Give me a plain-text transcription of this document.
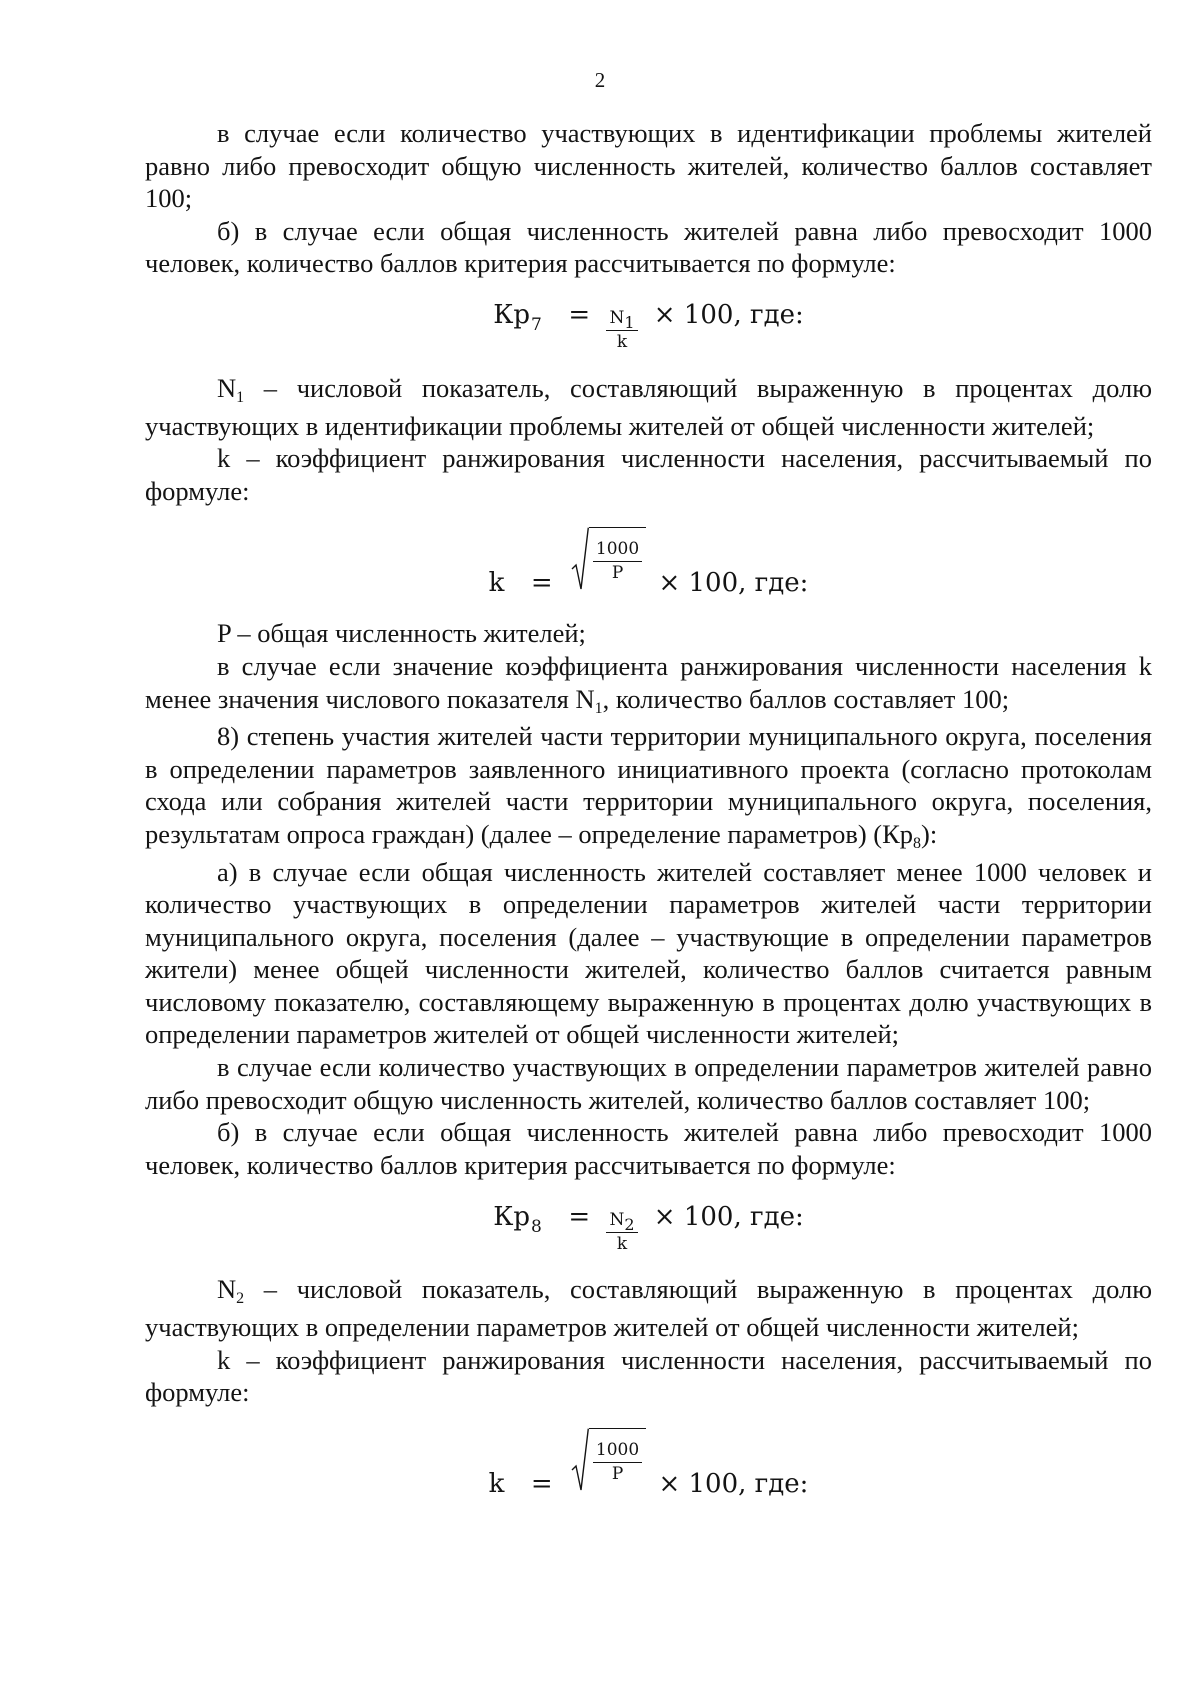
2

в случае если количество участвующих в идентификации проблемы жителей равно либо превосходит общую численность жителей, количество баллов составляет 100;

б) в случае если общая численность жителей равна либо превосходит 1000 человек, количество баллов критерия рассчитывается по формуле:

$Кр_7 = \frac{N1}{k} \times 100$, где:

N1 – числовой показатель, составляющий выраженную в процентах долю участвующих в идентификации проблемы жителей от общей численности жителей;

k – коэффициент ранжирования численности населения, рассчитываемый по формуле:

k =
$\frac{1000}{P}$
× 100, где:

P – общая численность жителей;

в случае если значение коэффициента ранжирования численности населения k менее значения числового показателя N1, количество баллов составляет 100;

8) степень участия жителей части территории муниципального округа, поселения в определении параметров заявленного инициативного проекта (согласно протоколам схода или собрания жителей части территории муниципального округа, поселения, результатам опроса граждан) (далее – определение параметров) (Кр8):

а) в случае если общая численность жителей составляет менее 1000 человек и количество участвующих в определении параметров жителей части территории муниципального округа, поселения (далее – участвующие в определении параметров жители) менее общей численности жителей, количество баллов считается равным числовому показателю, составляющему выраженную в процентах долю участвующих в определении параметров жителей от общей численности жителей;

в случае если количество участвующих в определении параметров жителей равно либо превосходит общую численность жителей, количество баллов составляет 100;

б) в случае если общая численность жителей равна либо превосходит 1000 человек, количество баллов критерия рассчитывается по формуле:

$Кр_8 = \frac{N2}{k} \times 100$, где:

N2 – числовой показатель, составляющий выраженную в процентах долю участвующих в определении параметров жителей от общей численности жителей;

k – коэффициент ранжирования численности населения, рассчитываемый по формуле:

k =
$\frac{1000}{P}$
× 100, где:
